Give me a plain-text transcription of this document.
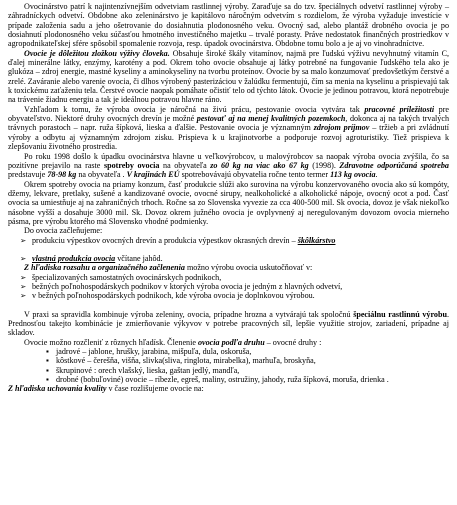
Ovocinárstvo patrí k najintenzívnejším odvetviam rastlinnej výroby. Zaraďuje sa do tzv. špeciálnych odvetví rastlinnej výroby – záhradníckych odvetví. Obdobne ako zeleninárstvo je kapitálovo náročným odvetvím s rozdielom, že výroba vyžaduje investície v prípade založenia sadu a jeho ošetrovanie do dosiahnutia plodonosného veku. Ovocný sad, alebo plantáž drobného ovocia je po dosiahnutí plodonosného veku súčasťou hmotného investičného majetku – trvalé porasty. Práve nedostatok finančných prostriedkov v agropodnikateľskej sfére spôsobil spomalenie rozvoja, resp. úpadok ovocinárstva. Obdobne tomu bolo a je aj vo vinohradníctve.

Ovocie je dôležitou zložkou výživy človeka. Obsahuje široké škály vitamínov, najmä pre ľudskú výživu nevyhnutný vitamín C, ďalej minerálne látky, enzýmy, karotény a pod. Okrem toho ovocie obsahuje aj látky potrebné na fungovanie ľudského tela ako je glukóza – zdroj energie, mastné kyseliny a aminokyseliny na tvorbu proteínov. Ovocie by sa malo konzumovať predovšetkým čerstvé a zrelé. Zaváranie alebo varenie ovocia, či dlhos výrobený pasterizáciou v žalúdku fermentujú, čím sa menia na kyselinu a prispievajú tak k toxickému zaťaženiu tela. Čerstvé ovocie naopak pomáhate očistiť telo od týchto látok. Ovocie je jedinou potravou, ktorá nepotrebuje na trávenie žiadnu energiu a tak je ideálnou potravou hlavne ráno.

Vzhľadom k tomu, že výroba ovocia je náročná na živú prácu, pestovanie ovocia vytvára tak pracovné príležitosti pre obyvateľstvo. Niektoré druhy ovocných drevín je možné pestovať aj na menej kvalitných pozemkoch, dokonca aj na takých trvalých trávnych porastoch – napr. ruža šípková, lieska a ďalšie. Pestovanie ovocia je významným zdrojom príjmov – tržieb a pri zvládnutí výroby a odbytu aj významným zdrojom zisku. Prispieva k u krajinotvorbe a podporuje rozvoj agroturistiky. Tiež prispieva k zlepšovaniu životného prostredia.

Po roku 1998 došlo k úpadku ovocinárstva hlavne u veľkovýrobcov, u malovýrobcov sa naopak výroba ovocia zvýšila, čo sa pozitívne prejavilo na raste spotreby ovocia na obyvateľa zo 60 kg na viac ako 67 kg (1998). Zdravotne odporúčaná spotreba predstavuje 78-98 kg na obyvateľa . V krajinách EÚ spotrebovávajú obyvatelia ročne tento termer 113 kg ovocia.

Okrem spotreby ovocia na priamy konzum, časť produkcie slúži ako surovina na výrobu konzervovaného ovocia ako sú kompóty, džemy, lekvare, pretlaky, sušené a kandizované ovocie, ovocné sirupy, nealkoholické a alkoholické nápoje, ovocný ocot a pod. Časť ovocia sa umiestňuje aj na zahraničných trhoch. Ročne sa zo Slovenska vyvezie za cca 400-500 mil. Sk ovocia, dovoz je však niekoľko násobne vyšší a dosahuje 3000 mil. Sk. Dovoz okrem južného ovocia je ovplyvnený aj neregulovaným dovozom ovocia mierneho pásma, pre výrobu ktorého má Slovensko vhodné podmienky.

Do ovocia začleňujeme:

➢ produkciu výpestkov ovocných drevín a produkcia výpestkov okrasných drevín – škôlkárstvo
➢ vlastná produkcia ovocia včítane jahôd.

Z hľadiska rozsahu a organizačného začlenenia možno výrobu ovocia uskutočňovať v:

➢ špecializovaných samostatných ovocinárskych podnikoch,
➢ bežných poľnohospodárskych podnikov v ktorých výroba ovocia je jedným z hlavných odvetví,
➢ v bežných poľnohospodárskych podnikoch, kde výroba ovocia je doplnkovou výrobou.

V praxi sa spravidla kombinuje výroba zeleniny, ovocia, prípadne hrozna a vytvárajú tak spoločnú špeciálnu rastlinnú výrobu. Prednosťou takejto kombinácie je zmierňovanie výkyvov v potrebe pracovných síl, lepšie využitie strojov, zariadení, prípadne aj skladov.

Ovocie možno rozčleniť z rôznych hľadísk. Členenie ovocia podľa druhu – ovocné druhy :

▪ jadrové – jablone, hrušky, jarabina, mišpuľa, dula, oskoruša,
▪ kôstkové – čerešňa, višňa, slivka(sliva, ringlota, mirabelka), marhuľa, broskyňa,
▪ škrupinové : orech vlašský, lieska, gaštan jedlý, mandľa,
▪ drobné (bobuľoviné) ovocie – ríbezle, egreš, maliny, ostružiny, jahody, ruža šípková, moruša, drienka .

Z hľadiska uchovania kvality v čase rozlišujeme ovocie na:
